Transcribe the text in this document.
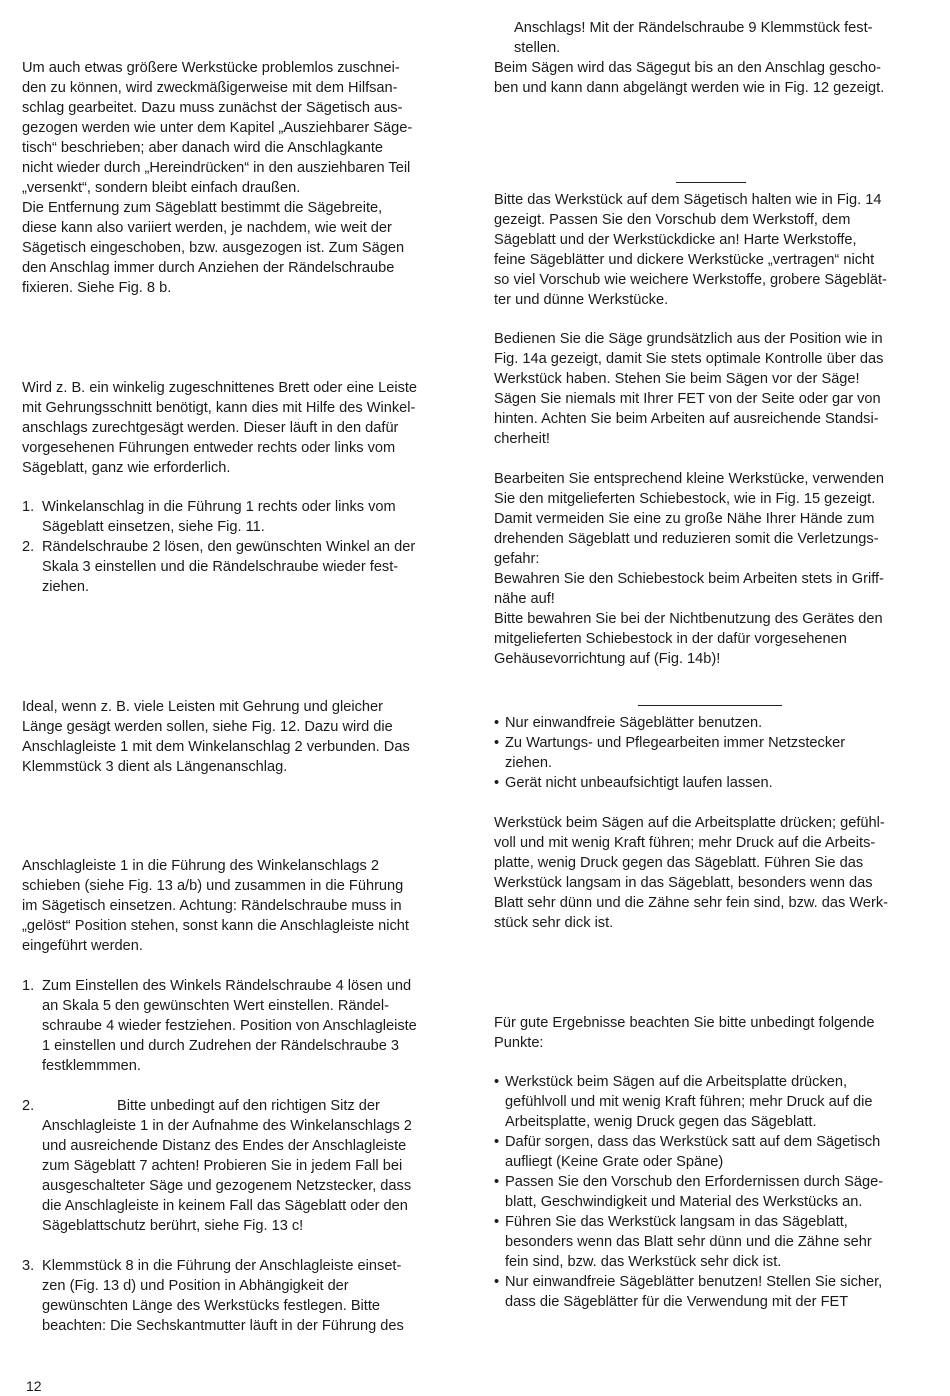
Um auch etwas größere Werkstücke problemlos zuschnei-
den zu können, wird zweckmäßigerweise mit dem Hilfsan-
schlag gearbeitet. Dazu muss zunächst der Sägetisch aus-
gezogen werden wie unter dem Kapitel „Ausziehbarer Säge-
tisch“ beschrieben; aber danach wird die Anschlagkante
nicht wieder durch „Hereindrücken“ in den ausziehbaren Teil
„versenkt“, sondern bleibt einfach draußen.
Die Entfernung zum Sägeblatt bestimmt die Sägebreite,
diese kann also variiert werden, je nachdem, wie weit der
Sägetisch eingeschoben, bzw. ausgezogen ist. Zum Sägen
den Anschlag immer durch Anziehen der Rändelschraube
fixieren. Siehe Fig. 8 b.
Wird z. B. ein winkelig zugeschnittenes Brett oder eine Leiste
mit Gehrungsschnitt benötigt, kann dies mit Hilfe des Winkel-
anschlags zurechtgesägt werden. Dieser läuft in den dafür
vorgesehenen Führungen entweder rechts oder links vom
Sägeblatt, ganz wie erforderlich.
1. Winkelanschlag in die Führung 1 rechts oder links vom
Sägeblatt einsetzen, siehe Fig. 11.
2. Rändelschraube 2 lösen, den gewünschten Winkel an der
Skala 3 einstellen und die Rändelschraube wieder fest-
ziehen.
Ideal, wenn z. B. viele Leisten mit Gehrung und gleicher
Länge gesägt werden sollen, siehe Fig. 12. Dazu wird die
Anschlagleiste 1 mit dem Winkelanschlag 2 verbunden. Das
Klemmstück 3 dient als Längenanschlag.
Anschlagleiste 1 in die Führung des Winkelanschlags 2
schieben (siehe Fig. 13 a/b) und zusammen in die Führung
im Sägetisch einsetzen. Achtung: Rändelschraube muss in
„gelöst“ Position stehen, sonst kann die Anschlagleiste nicht
eingeführt werden.
1. Zum Einstellen des Winkels Rändelschraube 4 lösen und
an Skala 5 den gewünschten Wert einstellen. Rändel-
schraube 4 wieder festziehen. Position von Anschlagleiste
1 einstellen und durch Zudrehen der Rändelschraube 3
festklemmmen.
2.	Bitte unbedingt auf den richtigen Sitz der
Anschlagleiste 1 in der Aufnahme des Winkelanschlags 2
und ausreichende Distanz des Endes der Anschlagleiste
zum Sägeblatt 7 achten! Probieren Sie in jedem Fall bei
ausgeschalteter Säge und gezogenem Netzstecker, dass
die Anschlagleiste in keinem Fall das Sägeblatt oder den
Sägeblattschutz berührt, siehe Fig. 13 c!
3. Klemmstück 8 in die Führung der Anschlagleiste einset-
zen (Fig. 13 d) und Position in Abhängigkeit der
gewünschten Länge des Werkstücks festlegen. Bitte
beachten: Die Sechskantmutter läuft in der Führung des
Anschlags! Mit der Rändelschraube 9 Klemmstück fest-
stellen.
Beim Sägen wird das Sägegut bis an den Anschlag gescho-
ben und kann dann abgelängt werden wie in Fig. 12 gezeigt.
Bitte das Werkstück auf dem Sägetisch halten wie in Fig. 14
gezeigt. Passen Sie den Vorschub dem Werkstoff, dem
Sägeblatt und der Werkstückdicke an! Harte Werkstoffe,
feine Sägeblätter und dickere Werkstücke „vertragen“ nicht
so viel Vorschub wie weichere Werkstoffe, grobere Sägeblät-
ter und dünne Werkstücke.
Bedienen Sie die Säge grundsätzlich aus der Position wie in
Fig. 14a gezeigt, damit Sie stets optimale Kontrolle über das
Werkstück haben. Stehen Sie beim Sägen vor der Säge!
Sägen Sie niemals mit Ihrer FET von der Seite oder gar von
hinten. Achten Sie beim Arbeiten auf ausreichende Standsi-
cherheit!
Bearbeiten Sie entsprechend kleine Werkstücke, verwenden
Sie den mitgelieferten Schiebestock, wie in Fig. 15 gezeigt.
Damit vermeiden Sie eine zu große Nähe Ihrer Hände zum
drehenden Sägeblatt und reduzieren somit die Verletzungs-
gefahr:
Bewahren Sie den Schiebestock beim Arbeiten stets in Griff-
nähe auf!
Bitte bewahren Sie bei der Nichtbenutzung des Gerätes den
mitgelieferten Schiebestock in der dafür vorgesehenen
Gehäusevorrichtung auf (Fig. 14b)!
• Nur einwandfreie Sägeblätter benutzen.
• Zu Wartungs- und Pflegearbeiten immer Netzstecker
ziehen.
• Gerät nicht unbeaufsichtigt laufen lassen.
Werkstück beim Sägen auf die Arbeitsplatte drücken; gefühl-
voll und mit wenig Kraft führen; mehr Druck auf die Arbeits-
platte, wenig Druck gegen das Sägeblatt. Führen Sie das
Werkstück langsam in das Sägeblatt, besonders wenn das
Blatt sehr dünn und die Zähne sehr fein sind, bzw. das Werk-
stück sehr dick ist.
Für gute Ergebnisse beachten Sie bitte unbedingt folgende
Punkte:
• Werkstück beim Sägen auf die Arbeitsplatte drücken,
gefühlvoll und mit wenig Kraft führen; mehr Druck auf die
Arbeitsplatte, wenig Druck gegen das Sägeblatt.
• Dafür sorgen, dass das Werkstück satt auf dem Sägetisch
aufliegt (Keine Grate oder Späne)
• Passen Sie den Vorschub den Erfordernissen durch Säge-
blatt, Geschwindigkeit und Material des Werkstücks an.
• Führen Sie das Werkstück langsam in das Sägeblatt,
besonders wenn das Blatt sehr dünn und die Zähne sehr
fein sind, bzw. das Werkstück sehr dick ist.
• Nur einwandfreie Sägeblätter benutzen! Stellen Sie sicher,
dass die Sägeblätter für die Verwendung mit der FET
12
